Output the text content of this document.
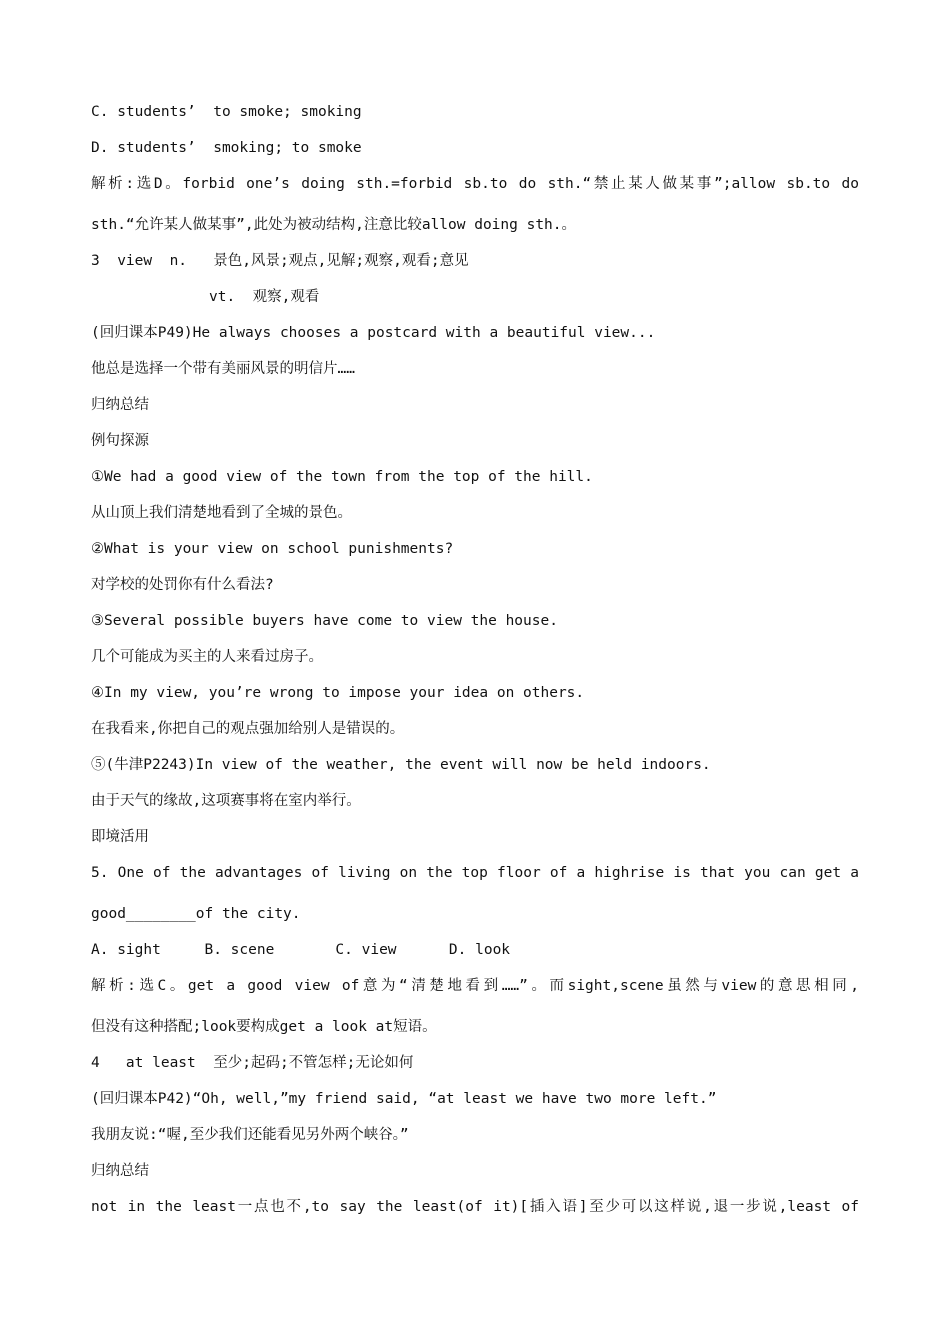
C. students’  to smoke; smoking
D. students’  smoking; to smoke
解析:选D。forbid one’s doing sth.=forbid sb.to do sth.“禁止某人做某事”;allow sb.to do
sth.“允许某人做某事”,此处为被动结构,注意比较allow doing sth.。
3  view  n.   景色,风景;观点,见解;观察,观看;意见
vt.  观察,观看
(回归课本P49)He always chooses a postcard with a beautiful view...
他总是选择一个带有美丽风景的明信片……
归纳总结
例句探源
①We had a good view of the town from the top of the hill.
从山顶上我们清楚地看到了全城的景色。
②What is your view on school punishments?
对学校的处罚你有什么看法?
③Several possible buyers have come to view the house.
几个可能成为买主的人来看过房子。
④In my view, you’re wrong to impose your idea on others.
在我看来,你把自己的观点强加给别人是错误的。
⑤(牛津P2243)In view of the weather, the event will now be held indoors.
由于天气的缘故,这项赛事将在室内举行。
即境活用
5. One of the advantages of living on the top floor of a highrise is that you can get a
good________of the city.
A. sight     B. scene       C. view      D. look
解析:选C。get a good view of意为“清楚地看到……”。而sight,scene虽然与view的意思相同,
但没有这种搭配;look要构成get a look at短语。
4   at least  至少;起码;不管怎样;无论如何
(回归课本P42)“Oh, well,”my friend said, “at least we have two more left.”
我朋友说:“喔,至少我们还能看见另外两个峡谷。”
归纳总结
not in the least一点也不,to say the least(of it)[插入语]至少可以这样说,退一步说,least of
